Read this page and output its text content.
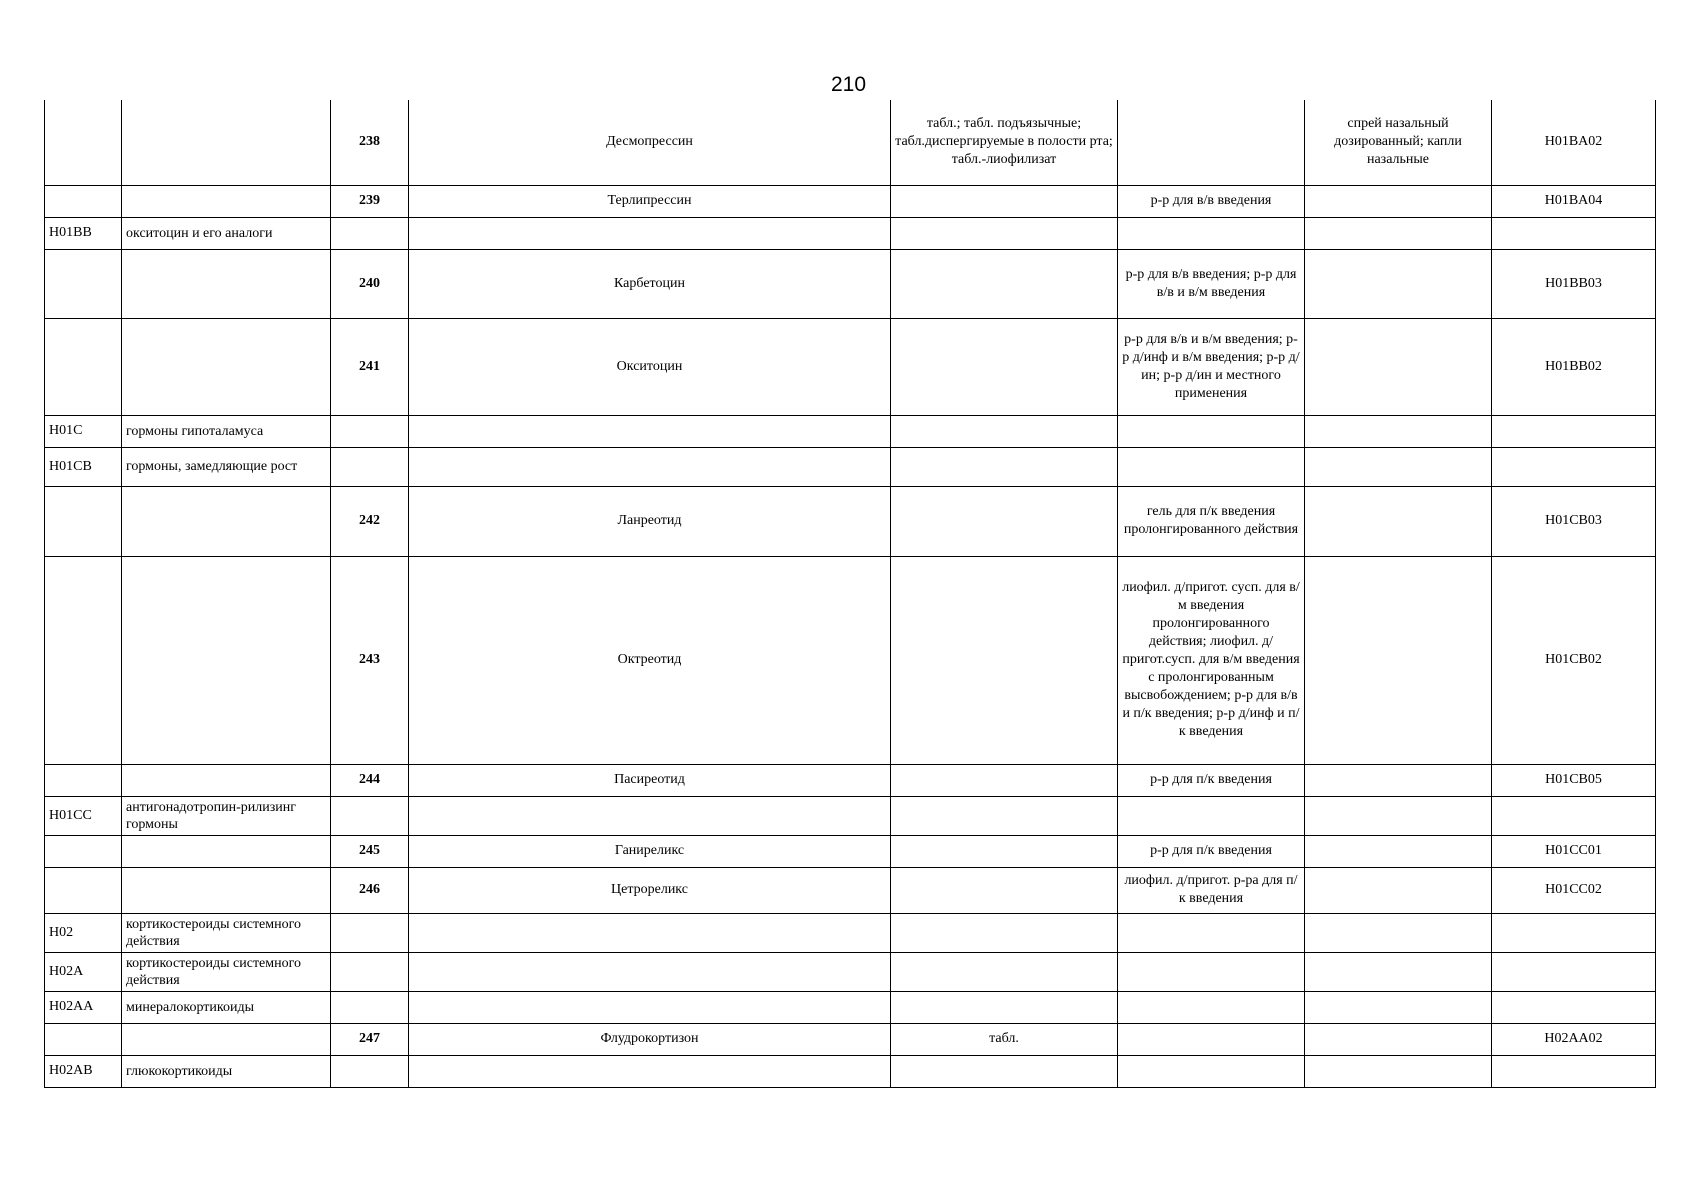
210
		238	Десмопрессин	табл.; табл. подъязычные; табл.диспергируемые в полости рта; табл.-лиофилизат		спрей назальный дозированный; капли назальные	H01BA02
		239	Терлипрессин		р-р для в/в введения		H01BA04
H01BB	окситоцин и его аналоги						
		240	Карбетоцин		р-р для в/в введения; р-р для в/в и в/м введения		H01BB03
		241	Окситоцин		р-р для в/в и в/м введения; р-р д/инф и в/м введения; р-р д/ин; р-р д/ин и местного применения		H01BB02
H01C	гормоны гипоталамуса						
H01CB	гормоны, замедляющие рост						
		242	Ланреотид		гель для п/к введения пролонгированного действия		H01CB03
		243	Октреотид		лиофил. д/пригот. сусп. для в/м введения пролонгированного действия; лиофил. д/пригот.сусп. для в/м введения с пролонгированным высвобождением; р-р для в/в и п/к введения; р-р д/инф и п/к введения		H01CB02
		244	Пасиреотид		р-р для п/к введения		H01CB05
H01CC	антигонадотропин-рилизинг гормоны						
		245	Ганиреликс		р-р для п/к введения		H01CC01
		246	Цетрореликс		лиофил. д/пригот. р-ра для п/к введения		H01CC02
H02	кортикостероиды системного действия						
H02A	кортикостероиды системного действия						
H02AA	минералокортикоиды						
		247	Флудрокортизон	табл.			H02AA02
H02AB	глюкокортикоиды						
